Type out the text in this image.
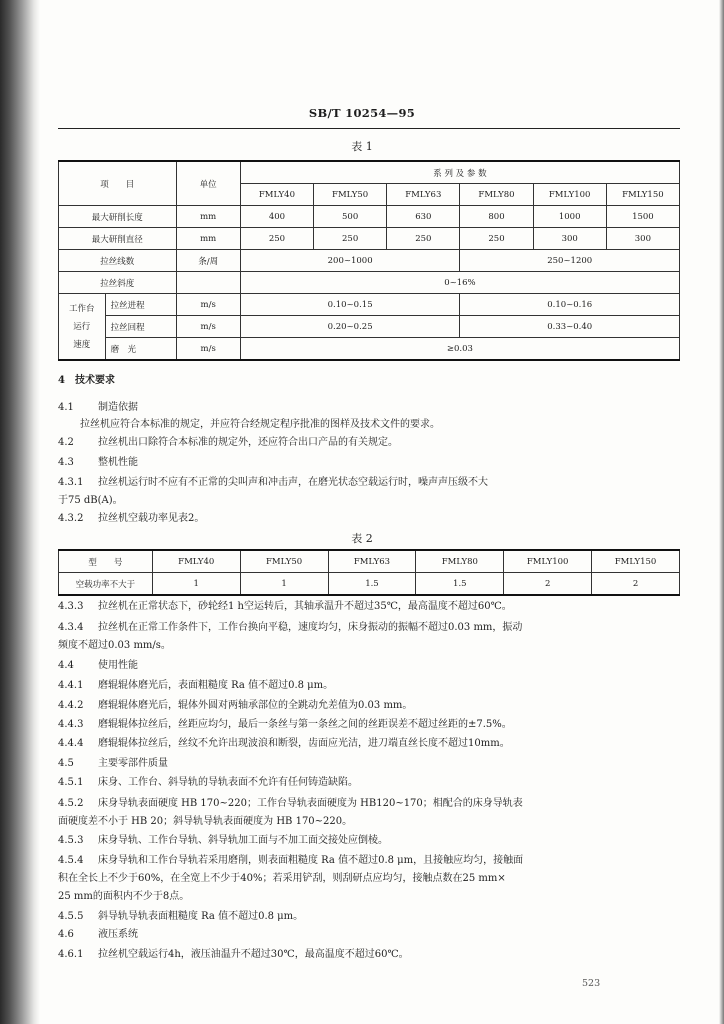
SB/T 10254—95
表 1
项　　目		单位	系 列 及 参 数					
			FMLY40	FMLY50	FMLY63	FMLY80	FMLY100	FMLY150
最大研削长度		mm	400	500	630	800	1000	1500
最大研削直径		mm	250	250	250	250	300	300
拉丝线数		条/周	200~1000			250~1200		
拉丝斜度			0~16%					
工作台
运行
速度	拉丝进程	m/s	0.10~0.15			0.10~0.16		
	拉丝回程	m/s	0.20~0.25			0.33~0.40		
	磨　光	m/s	≥0.03					
4　技术要求
4.1 制造依据
拉丝机应符合本标准的规定，并应符合经规定程序批准的图样及技术文件的要求。
4.2 拉丝机出口除符合本标准的规定外，还应符合出口产品的有关规定。
4.3 整机性能
4.3.1 拉丝机运行时不应有不正常的尖叫声和冲击声，在磨光状态空载运行时，噪声声压级不大
于75 dB(A)。
4.3.2 拉丝机空载功率见表2。
表 2
型　　号	FMLY40	FMLY50	FMLY63	FMLY80	FMLY100	FMLY150
空载功率不大于	1	1	1.5	1.5	2	2
4.3.3 拉丝机在正常状态下，砂轮经1 h空运转后，其轴承温升不超过35℃，最高温度不超过60℃。
4.3.4 拉丝机在正常工作条件下，工作台换向平稳，速度均匀，床身振动的振幅不超过0.03 mm，振动
频度不超过0.03 mm/s。
4.4 使用性能
4.4.1 磨辊辊体磨光后，表面粗糙度 Ra 值不超过0.8 μm。
4.4.2 磨辊辊体磨光后，辊体外圆对两轴承部位的全跳动允差值为0.03 mm。
4.4.3 磨辊辊体拉丝后，丝距应均匀，最后一条丝与第一条丝之间的丝距误差不超过丝距的±7.5%。
4.4.4 磨辊辊体拉丝后，丝纹不允许出现波浪和断裂，齿面应光洁，进刀端直丝长度不超过10mm。
4.5 主要零部件质量
4.5.1 床身、工作台、斜导轨的导轨表面不允许有任何铸造缺陷。
4.5.2 床身导轨表面硬度 HB 170~220；工作台导轨表面硬度为 HB120~170；相配合的床身导轨表
面硬度差不小于 HB 20；斜导轨导轨表面硬度为 HB 170~220。
4.5.3 床身导轨、工作台导轨、斜导轨加工面与不加工面交接处应倒棱。
4.5.4 床身导轨和工作台导轨若采用磨削，则表面粗糙度 Ra 值不超过0.8 μm，且接触应均匀，接触面
积在全长上不少于60%，在全宽上不少于40%；若采用铲刮，则刮研点应均匀，接触点数在25 mm×
25 mm的面积内不少于8点。
4.5.5 斜导轨导轨表面粗糙度 Ra 值不超过0.8 μm。
4.6 液压系统
4.6.1 拉丝机空载运行4h，液压油温升不超过30℃，最高温度不超过60℃。
523
